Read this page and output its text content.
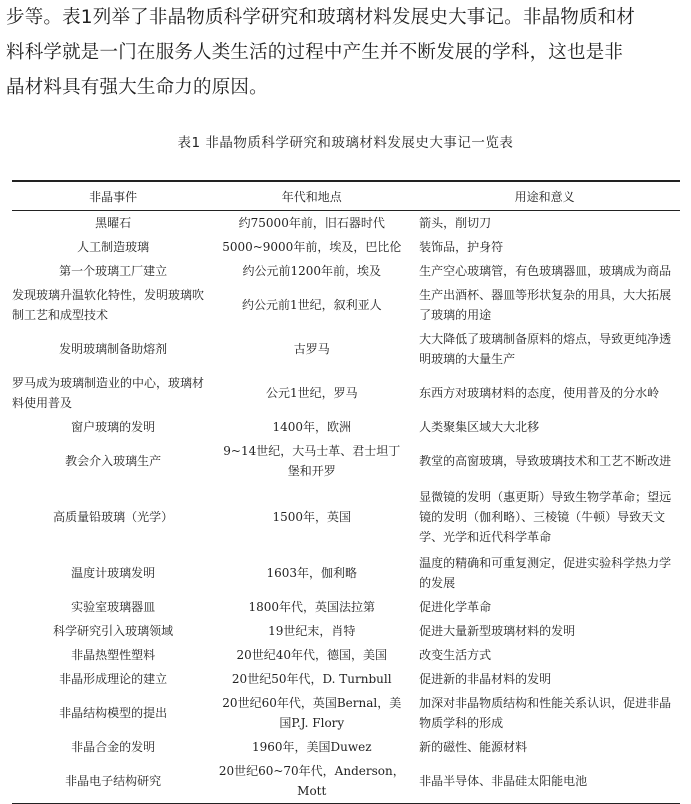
步等。表1列举了非晶物质科学研究和玻璃材料发展史大事记。非晶物质和材

料科学就是一门在服务人类生活的过程中产生并不断发展的学科，这也是非

晶材料具有强大生命力的原因。

表1 非晶物质科学研究和玻璃材料发展史大事记一览表
非晶事件	年代和地点	用途和意义
黑曜石	约75000年前，旧石器时代	箭头，削切刀
人工制造玻璃	5000~9000年前，埃及，巴比伦	装饰品，护身符
第一个玻璃工厂建立	约公元前1200年前，埃及	生产空心玻璃管，有色玻璃器皿，玻璃成为商品
发现玻璃升温软化特性，发明玻璃吹制工艺和成型技术	约公元前1世纪，叙利亚人	生产出酒杯、器皿等形状复杂的用具，大大拓展了玻璃的用途
发明玻璃制备助熔剂	古罗马	大大降低了玻璃制备原料的熔点，导致更纯净透明玻璃的大量生产
罗马成为玻璃制造业的中心，玻璃材料使用普及	公元1世纪，罗马	东西方对玻璃材料的态度，使用普及的分水岭
窗户玻璃的发明	1400年，欧洲	人类聚集区域大大北移
教会介入玻璃生产	9~14世纪，大马士革、君士坦丁堡和开罗	教堂的高窗玻璃，导致玻璃技术和工艺不断改进
高质量铅玻璃（光学）	1500年，英国	显微镜的发明（惠更斯）导致生物学革命；望远镜的发明（伽利略）、三棱镜（牛顿）导致天文学、光学和近代科学革命
温度计玻璃发明	1603年，伽利略	温度的精确和可重复测定，促进实验科学热力学的发展
实验室玻璃器皿	1800年代，英国法拉第	促进化学革命
科学研究引入玻璃领域	19世纪末，肖特	促进大量新型玻璃材料的发明
非晶热塑性塑料	20世纪40年代，德国，美国	改变生活方式
非晶形成理论的建立	20世纪50年代，D. Turnbull	促进新的非晶材料的发明
非晶结构模型的提出	20世纪60年代，英国Bernal，美国P.J. Flory	加深对非晶物质结构和性能关系认识，促进非晶物质学科的形成
非晶合金的发明	1960年，美国Duwez	新的磁性、能源材料
非晶电子结构研究	20世纪60~70年代，Anderson，Mott	非晶半导体、非晶硅太阳能电池
